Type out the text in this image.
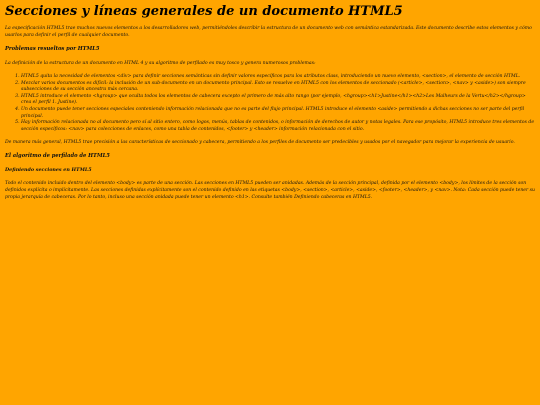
Secciones y líneas generales de un documento HTML5

La especificación HTML5 trae muchos nuevos elementos a los desarrolladores web, permitiéndoles describir la estructura de un documento web con semántica estandarizada. Este documento describe estos elementos y cómo usarlos para definir el perfil de cualquier documento.

Problemas resueltos por HTML5

La definición de la estructura de un documento en HTML 4 y su algoritmo de perfilado es muy tosco y genera numerosos problemas:

1. HTML5 quita la necesidad de elementos <div> para definir secciones semánticas sin definir valores específicos para los atributos class, introduciendo un nuevo elemento, <section>, el elemento de sección HTML.
2. Mezclar varios documentos es difícil: la inclusión de un sub-documento en un documento principal. Esto se resuelve en HTML5 con los elementos de seccionado (<article>, <section>, <nav> y <aside>) son siempre subsecciones de su sección ancestra más cercana.
3. HTML5 introduce el elemento <hgroup> que oculta todos los elementos de cabecera excepto el primero de más alto rango (por ejemplo, <hgroup><h1>Justine</h1><h2>Les Malheurs de la Vertu</h2></hgroup> crea el perfil 1. Justine).
4. Un documento puede tener secciones especiales conteniendo información relacionada que no es parte del flujo principal. HTML5 introduce el elemento <aside> permitiendo a dichas secciones no ser parte del perfil principal.
5. Hay información relacionada no al documento pero sí al sitio entero, como logos, menús, tablas de contenidos, o información de derechos de autor y notas legales. Para ese propósito, HTML5 introduce tres elementos de sección específicos: <nav> para colecciones de enlaces, como una tabla de contenidos, <footer> y <header> información relacionada con el sitio.

De manera más general, HTML5 trae precisión a las características de seccionado y cabecera, permitiendo a los perfiles de documento ser predecibles y usados por el navegador para mejorar la experiencia de usuario.

El algoritmo de perfilado de HTML5
Definiendo secciones en HTML5

Todo el contenido incluido dentro del elemento <body> es parte de una sección. Las secciones en HTML5 pueden ser anidadas. Además de la sección principal, definida por el elemento <body>, los límites de la sección son definidos explícita o implícitamente. Las secciones definidas explícitamente son el contenido definido en las etiquetas <body>, <section>, <article>, <aside>, <footer>, <header>, y <nav>. Nota: Cada sección puede tener su propia jerarquía de cabeceras. Por lo tanto, incluso una sección anidada puede tener un elemento <h1>. Consulte también Definiendo cabeceras en HTML5.
